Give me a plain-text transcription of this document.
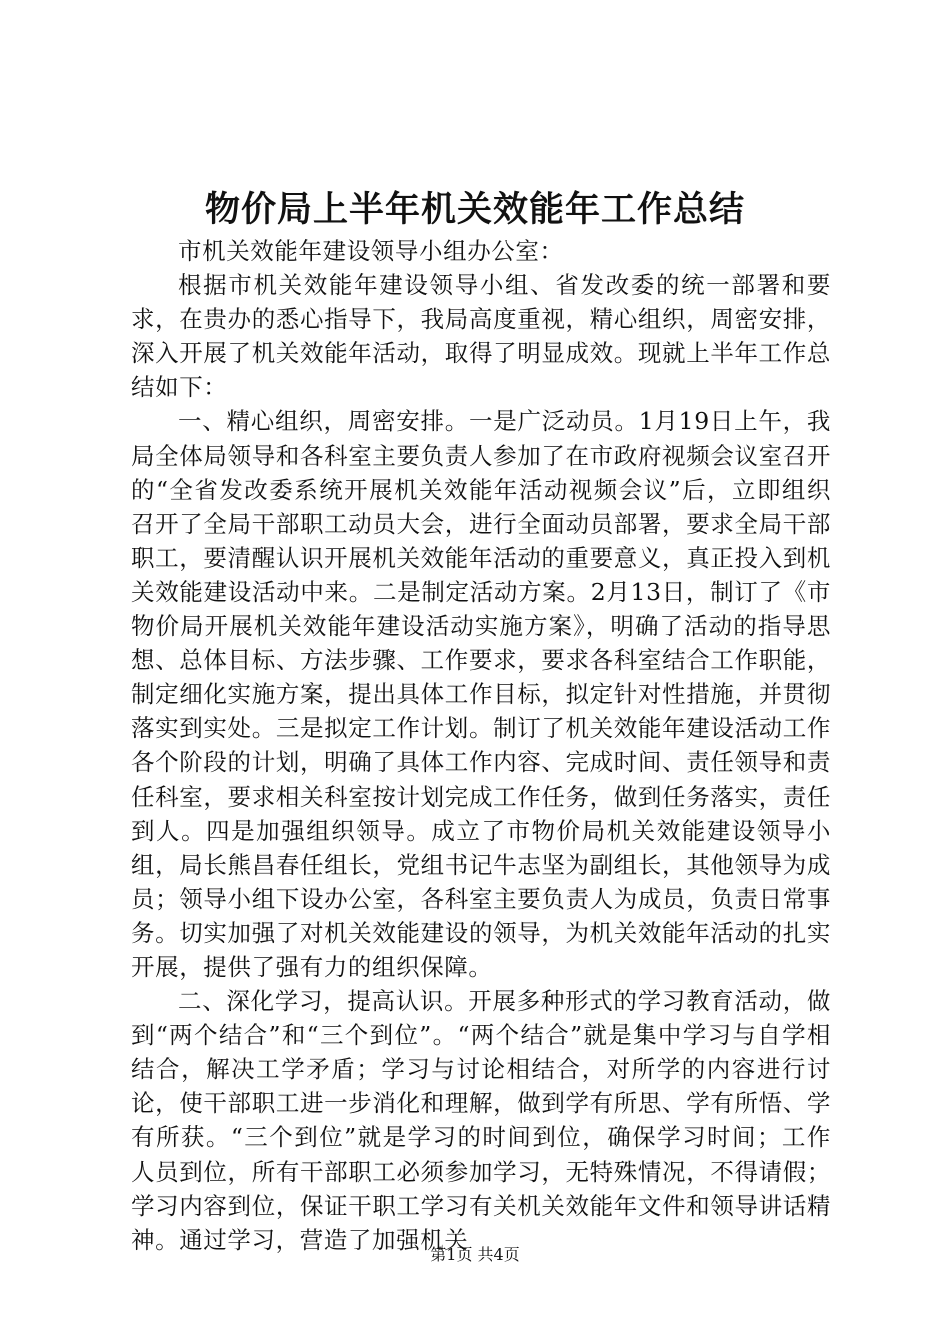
物价局上半年机关效能年工作总结

市机关效能年建设领导小组办公室：

根据市机关效能年建设领导小组、省发改委的统一部署和要求，在贵办的悉心指导下，我局高度重视，精心组织，周密安排，深入开展了机关效能年活动，取得了明显成效。现就上半年工作总结如下：

一、精心组织，周密安排。一是广泛动员。1月19日上午，我局全体局领导和各科室主要负责人参加了在市政府视频会议室召开的“全省发改委系统开展机关效能年活动视频会议”后，立即组织召开了全局干部职工动员大会，进行全面动员部署，要求全局干部职工，要清醒认识开展机关效能年活动的重要意义，真正投入到机关效能建设活动中来。二是制定活动方案。2月13日，制订了《市物价局开展机关效能年建设活动实施方案》，明确了活动的指导思想、总体目标、方法步骤、工作要求，要求各科室结合工作职能，制定细化实施方案，提出具体工作目标，拟定针对性措施，并贯彻落实到实处。三是拟定工作计划。制订了机关效能年建设活动工作各个阶段的计划，明确了具体工作内容、完成时间、责任领导和责任科室，要求相关科室按计划完成工作任务，做到任务落实，责任到人。四是加强组织领导。成立了市物价局机关效能建设领导小组，局长熊昌春任组长，党组书记牛志坚为副组长，其他领导为成员；领导小组下设办公室，各科室主要负责人为成员，负责日常事务。切实加强了对机关效能建设的领导，为机关效能年活动的扎实开展，提供了强有力的组织保障。

二、深化学习，提高认识。开展多种形式的学习教育活动，做到“两个结合”和“三个到位”。“两个结合”就是集中学习与自学相结合，解决工学矛盾；学习与讨论相结合，对所学的内容进行讨论，使干部职工进一步消化和理解，做到学有所思、学有所悟、学有所获。“三个到位”就是学习的时间到位，确保学习时间；工作人员到位，所有干部职工必须参加学习，无特殊情况，不得请假；学习内容到位，保证干职工学习有关机关效能年文件和领导讲话精神。通过学习，营造了加强机关

第1页 共4页
